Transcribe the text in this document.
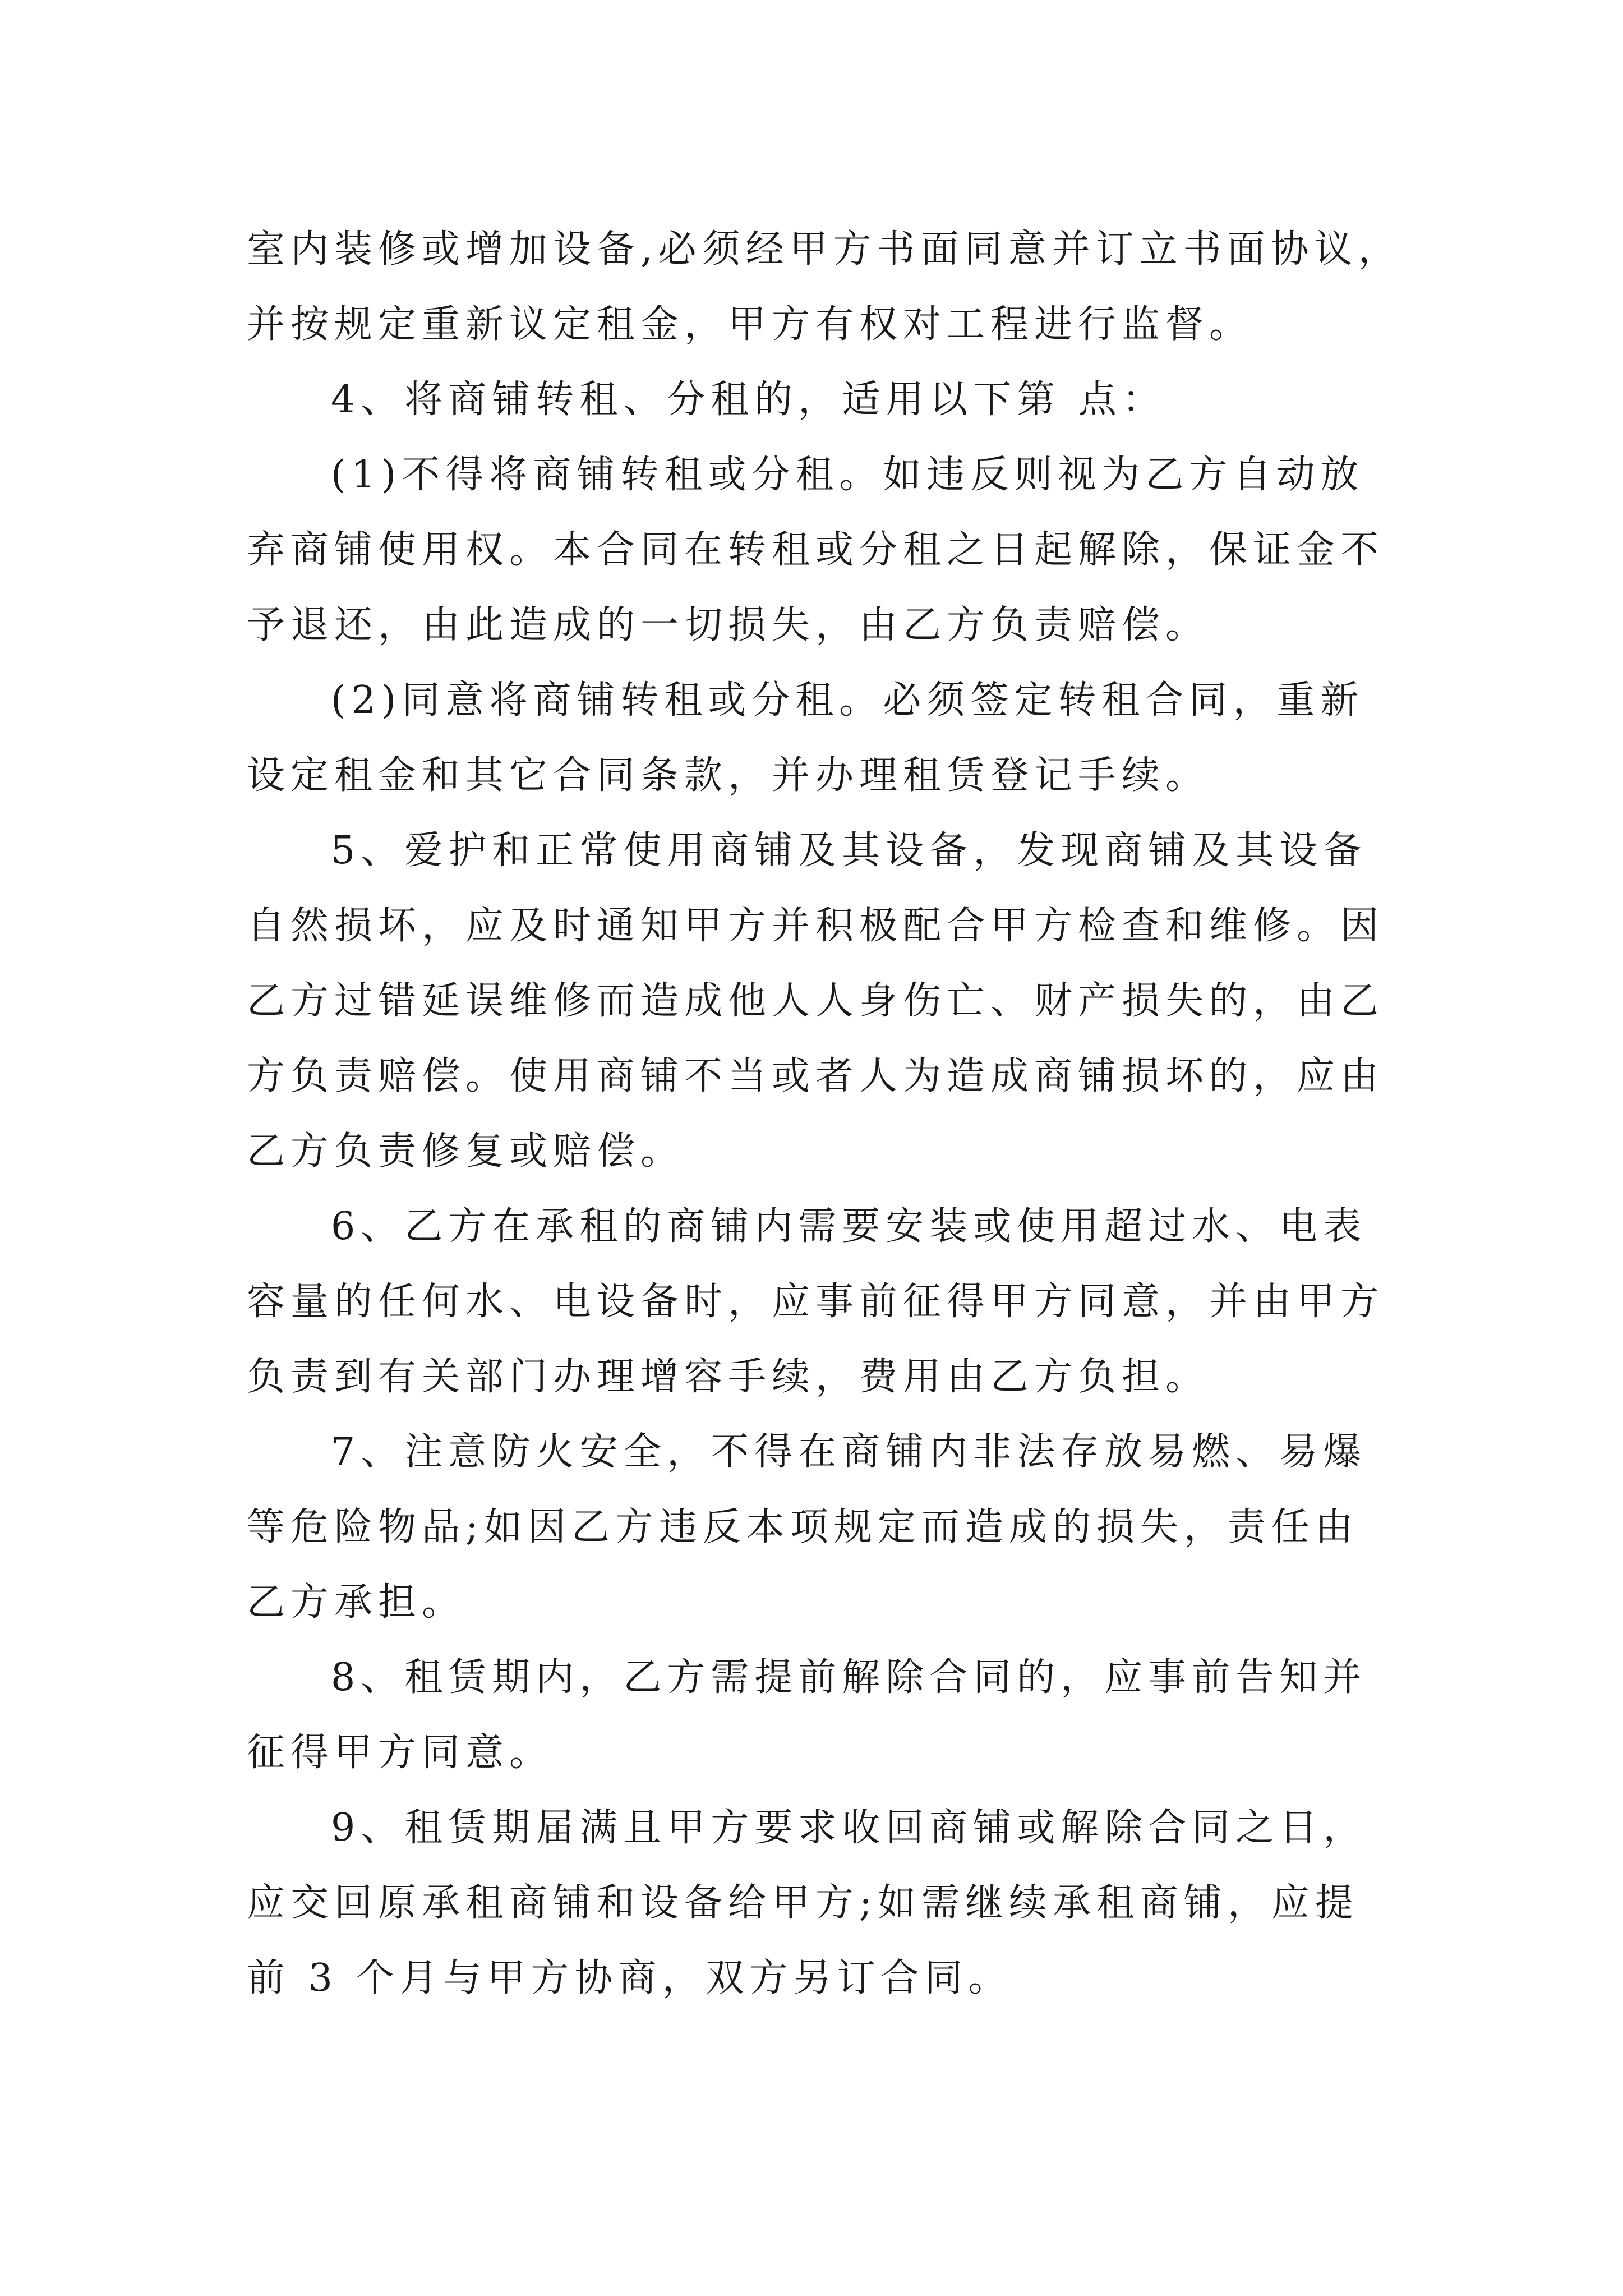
室内装修或增加设备,必须经甲方书面同意并订立书面协议，
并按规定重新议定租金，甲方有权对工程进行监督。
4、将商铺转租、分租的，适用以下第 点：
(1)不得将商铺转租或分租。如违反则视为乙方自动放
弃商铺使用权。本合同在转租或分租之日起解除，保证金不
予退还，由此造成的一切损失，由乙方负责赔偿。
(2)同意将商铺转租或分租。必须签定转租合同，重新
设定租金和其它合同条款，并办理租赁登记手续。
5、爱护和正常使用商铺及其设备，发现商铺及其设备
自然损坏，应及时通知甲方并积极配合甲方检查和维修。因
乙方过错延误维修而造成他人人身伤亡、财产损失的，由乙
方负责赔偿。使用商铺不当或者人为造成商铺损坏的，应由
乙方负责修复或赔偿。
6、乙方在承租的商铺内需要安装或使用超过水、电表
容量的任何水、电设备时，应事前征得甲方同意，并由甲方
负责到有关部门办理增容手续，费用由乙方负担。
7、注意防火安全，不得在商铺内非法存放易燃、易爆
等危险物品;如因乙方违反本项规定而造成的损失，责任由
乙方承担。
8、租赁期内，乙方需提前解除合同的，应事前告知并
征得甲方同意。
9、租赁期届满且甲方要求收回商铺或解除合同之日，
应交回原承租商铺和设备给甲方;如需继续承租商铺，应提
前 3 个月与甲方协商，双方另订合同。
